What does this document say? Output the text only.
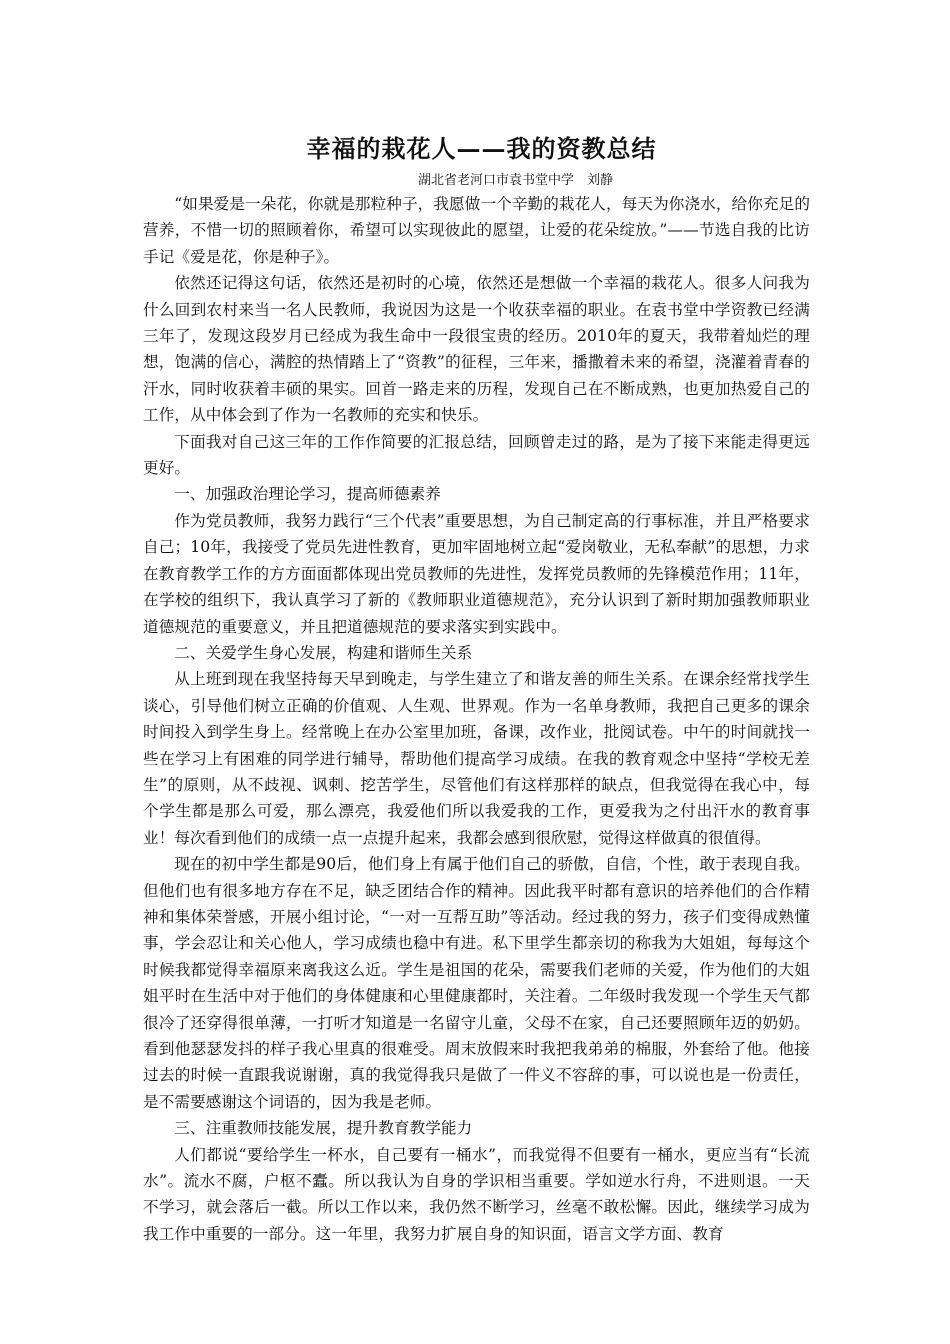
幸福的栽花人——我的资教总结
湖北省老河口市袁书堂中学　刘静

“如果爱是一朵花，你就是那粒种子，我愿做一个辛勤的栽花人，每天为你浇水，给你充足的营养，不惜一切的照顾着你，希望可以实现彼此的愿望，让爱的花朵绽放。”——节选自我的比访手记《爱是花，你是种子》。

依然还记得这句话，依然还是初时的心境，依然还是想做一个幸福的栽花人。很多人问我为什么回到农村来当一名人民教师，我说因为这是一个收获幸福的职业。在袁书堂中学资教已经满三年了，发现这段岁月已经成为我生命中一段很宝贵的经历。2010年的夏天，我带着灿烂的理想，饱满的信心，满腔的热情踏上了“资教”的征程，三年来，播撒着未来的希望，浇灌着青春的汗水，同时收获着丰硕的果实。回首一路走来的历程，发现自己在不断成熟，也更加热爱自己的工作，从中体会到了作为一名教师的充实和快乐。

下面我对自己这三年的工作作简要的汇报总结，回顾曾走过的路，是为了接下来能走得更远更好。

一、加强政治理论学习，提高师德素养

作为党员教师，我努力践行“三个代表”重要思想，为自己制定高的行事标准，并且严格要求自己；10年，我接受了党员先进性教育，更加牢固地树立起“爱岗敬业，无私奉献”的思想，力求在教育教学工作的方方面面都体现出党员教师的先进性，发挥党员教师的先锋模范作用；11年，在学校的组织下，我认真学习了新的《教师职业道德规范》，充分认识到了新时期加强教师职业道德规范的重要意义，并且把道德规范的要求落实到实践中。

二、关爱学生身心发展，构建和谐师生关系

从上班到现在我坚持每天早到晚走，与学生建立了和谐友善的师生关系。在课余经常找学生谈心，引导他们树立正确的价值观、人生观、世界观。作为一名单身教师，我把自己更多的课余时间投入到学生身上。经常晚上在办公室里加班，备课，改作业，批阅试卷。中午的时间就找一些在学习上有困难的同学进行辅导，帮助他们提高学习成绩。在我的教育观念中坚持“学校无差生”的原则，从不歧视、讽刺、挖苦学生，尽管他们有这样那样的缺点，但我觉得在我心中，每个学生都是那么可爱，那么漂亮，我爱他们所以我爱我的工作，更爱我为之付出汗水的教育事业！每次看到他们的成绩一点一点提升起来，我都会感到很欣慰，觉得这样做真的很值得。

现在的初中学生都是90后，他们身上有属于他们自己的骄傲，自信，个性，敢于表现自我。但他们也有很多地方存在不足，缺乏团结合作的精神。因此我平时都有意识的培养他们的合作精神和集体荣誉感，开展小组讨论，“一对一互帮互助”等活动。经过我的努力，孩子们变得成熟懂事，学会忍让和关心他人，学习成绩也稳中有进。私下里学生都亲切的称我为大姐姐，每每这个时候我都觉得幸福原来离我这么近。学生是祖国的花朵，需要我们老师的关爱，作为他们的大姐姐平时在生活中对于他们的身体健康和心里健康都时，关注着。二年级时我发现一个学生天气都很冷了还穿得很单薄，一打听才知道是一名留守儿童，父母不在家，自己还要照顾年迈的奶奶。看到他瑟瑟发抖的样子我心里真的很难受。周末放假来时我把我弟弟的棉服，外套给了他。他接过去的时候一直跟我说谢谢，真的我觉得我只是做了一件义不容辞的事，可以说也是一份责任，是不需要感谢这个词语的，因为我是老师。

三、注重教师技能发展，提升教育教学能力

人们都说“要给学生一杯水，自己要有一桶水”，而我觉得不但要有一桶水，更应当有“长流水”。流水不腐，户枢不蠹。所以我认为自身的学识相当重要。学如逆水行舟，不进则退。一天不学习，就会落后一截。所以工作以来，我仍然不断学习，丝毫不敢松懈。因此，继续学习成为我工作中重要的一部分。这一年里，我努力扩展自身的知识面，语言文学方面、教育
